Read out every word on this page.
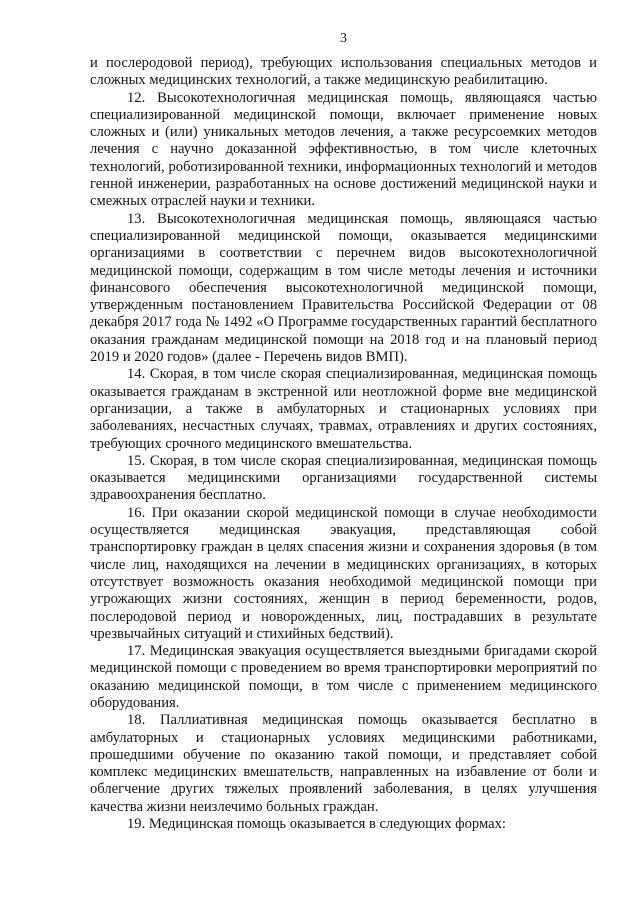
3

и послеродовой период), требующих использования специальных методов и сложных медицинских технологий, а также медицинскую реабилитацию.

12. Высокотехнологичная медицинская помощь, являющаяся частью специализированной медицинской помощи, включает применение новых сложных и (или) уникальных методов лечения, а также ресурсоемких методов лечения с научно доказанной эффективностью, в том числе клеточных технологий, роботизированной техники, информационных технологий и методов генной инженерии, разработанных на основе достижений медицинской науки и смежных отраслей науки и техники.

13. Высокотехнологичная медицинская помощь, являющаяся частью специализированной медицинской помощи, оказывается медицинскими организациями в соответствии с перечнем видов высокотехнологичной медицинской помощи, содержащим в том числе методы лечения и источники финансового обеспечения высокотехнологичной медицинской помощи, утвержденным постановлением Правительства Российской Федерации от 08 декабря 2017 года № 1492 «О Программе государственных гарантий бесплатного оказания гражданам медицинской помощи на 2018 год и на плановый период 2019 и 2020 годов» (далее - Перечень видов ВМП).

14. Скорая, в том числе скорая специализированная, медицинская помощь оказывается гражданам в экстренной или неотложной форме вне медицинской организации, а также в амбулаторных и стационарных условиях при заболеваниях, несчастных случаях, травмах, отравлениях и других состояниях, требующих срочного медицинского вмешательства.

15. Скорая, в том числе скорая специализированная, медицинская помощь оказывается медицинскими организациями государственной системы здравоохранения бесплатно.

16. При оказании скорой медицинской помощи в случае необходимости осуществляется медицинская эвакуация, представляющая собой транспортировку граждан в целях спасения жизни и сохранения здоровья (в том числе лиц, находящихся на лечении в медицинских организациях, в которых отсутствует возможность оказания необходимой медицинской помощи при угрожающих жизни состояниях, женщин в период беременности, родов, послеродовой период и новорожденных, лиц, пострадавших в результате чрезвычайных ситуаций и стихийных бедствий).

17. Медицинская эвакуация осуществляется выездными бригадами скорой медицинской помощи с проведением во время транспортировки мероприятий по оказанию медицинской помощи, в том числе с применением медицинского оборудования.

18. Паллиативная медицинская помощь оказывается бесплатно в амбулаторных и стационарных условиях медицинскими работниками, прошедшими обучение по оказанию такой помощи, и представляет собой комплекс медицинских вмешательств, направленных на избавление от боли и облегчение других тяжелых проявлений заболевания, в целях улучшения качества жизни неизлечимо больных граждан.

19. Медицинская помощь оказывается в следующих формах:
